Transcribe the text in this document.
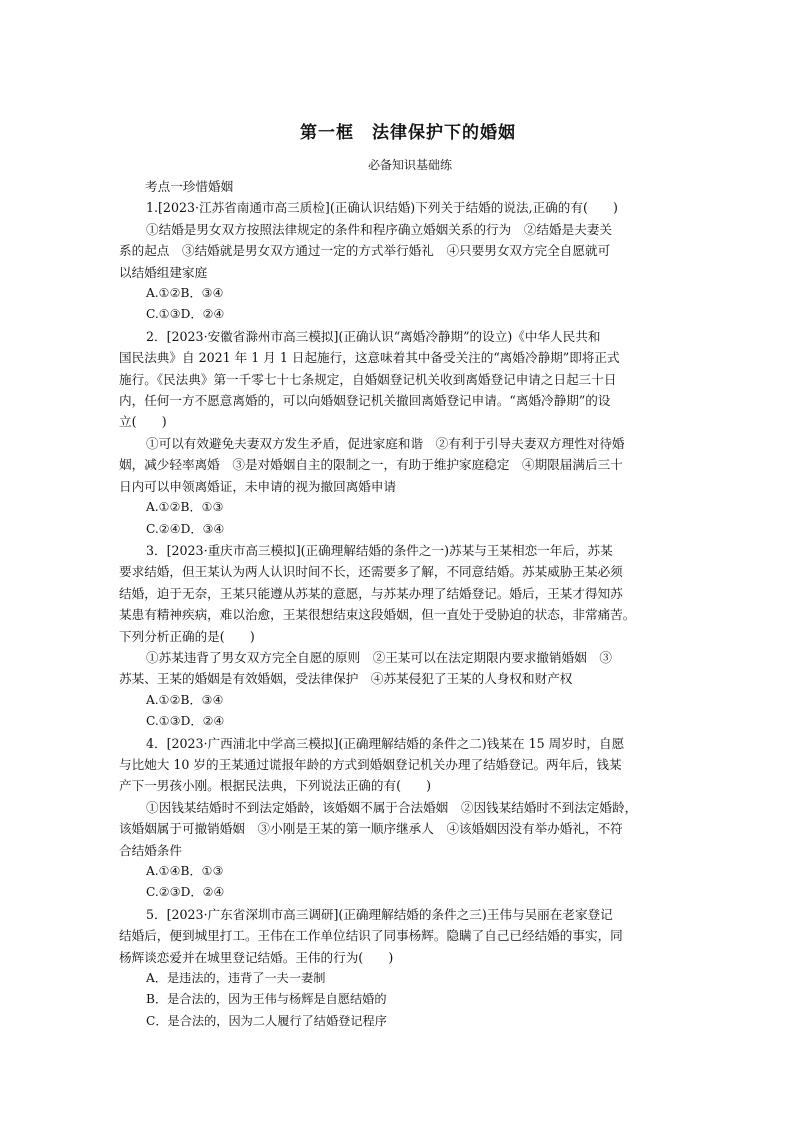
第一框　法律保护下的婚姻
必备知识基础练
考点一珍惜婚姻
1.[2023·江苏省南通市高三质检](正确认识结婚)下列关于结婚的说法,正确的有(　　)
①结婚是男女双方按照法律规定的条件和程序确立婚姻关系的行为　②结婚是夫妻关
系的起点　③结婚就是男女双方通过一定的方式举行婚礼　④只要男女双方完全自愿就可
以结婚组建家庭
A.①②B．③④
C.①③D．②④
2．[2023·安徽省滁州市高三模拟](正确认识“离婚冷静期”的设立)《中华人民共和
国民法典》自 2021 年 1 月 1 日起施行，这意味着其中备受关注的“离婚冷静期”即将正式
施行。《民法典》第一千零七十七条规定，自婚姻登记机关收到离婚登记申请之日起三十日
内，任何一方不愿意离婚的，可以向婚姻登记机关撤回离婚登记申请。“离婚冷静期”的设
立(　　)
①可以有效避免夫妻双方发生矛盾，促进家庭和谐　②有利于引导夫妻双方理性对待婚
姻，减少轻率离婚　③是对婚姻自主的限制之一，有助于维护家庭稳定　④期限届满后三十
日内可以申领离婚证，未申请的视为撤回离婚申请
A.①②B．①③
C.②④D．③④
3．[2023·重庆市高三模拟](正确理解结婚的条件之一)苏某与王某相恋一年后，苏某
要求结婚，但王某认为两人认识时间不长，还需要多了解，不同意结婚。苏某威胁王某必须
结婚，迫于无奈，王某只能遵从苏某的意愿，与苏某办理了结婚登记。婚后，王某才得知苏
某患有精神疾病，难以治愈，王某很想结束这段婚姻，但一直处于受胁迫的状态，非常痛苦。
下列分析正确的是(　　)
①苏某违背了男女双方完全自愿的原则　②王某可以在法定期限内要求撤销婚姻　③
苏某、王某的婚姻是有效婚姻，受法律保护　④苏某侵犯了王某的人身权和财产权
A.①②B．③④
C.①③D．②④
4．[2023·广西浦北中学高三模拟](正确理解结婚的条件之二)钱某在 15 周岁时，自愿
与比她大 10 岁的王某通过谎报年龄的方式到婚姻登记机关办理了结婚登记。两年后，钱某
产下一男孩小刚。根据民法典，下列说法正确的有(　　)
①因钱某结婚时不到法定婚龄，该婚姻不属于合法婚姻　②因钱某结婚时不到法定婚龄，
该婚姻属于可撤销婚姻　③小刚是王某的第一顺序继承人　④该婚姻因没有举办婚礼，不符
合结婚条件
A.①④B．①③
C.②③D．②④
5．[2023·广东省深圳市高三调研](正确理解结婚的条件之三)王伟与吴丽在老家登记
结婚后，便到城里打工。王伟在工作单位结识了同事杨辉。隐瞒了自己已经结婚的事实，同
杨辉谈恋爱并在城里登记结婚。王伟的行为(　　)
A．是违法的，违背了一夫一妻制
B．是合法的，因为王伟与杨辉是自愿结婚的
C．是合法的，因为二人履行了结婚登记程序
